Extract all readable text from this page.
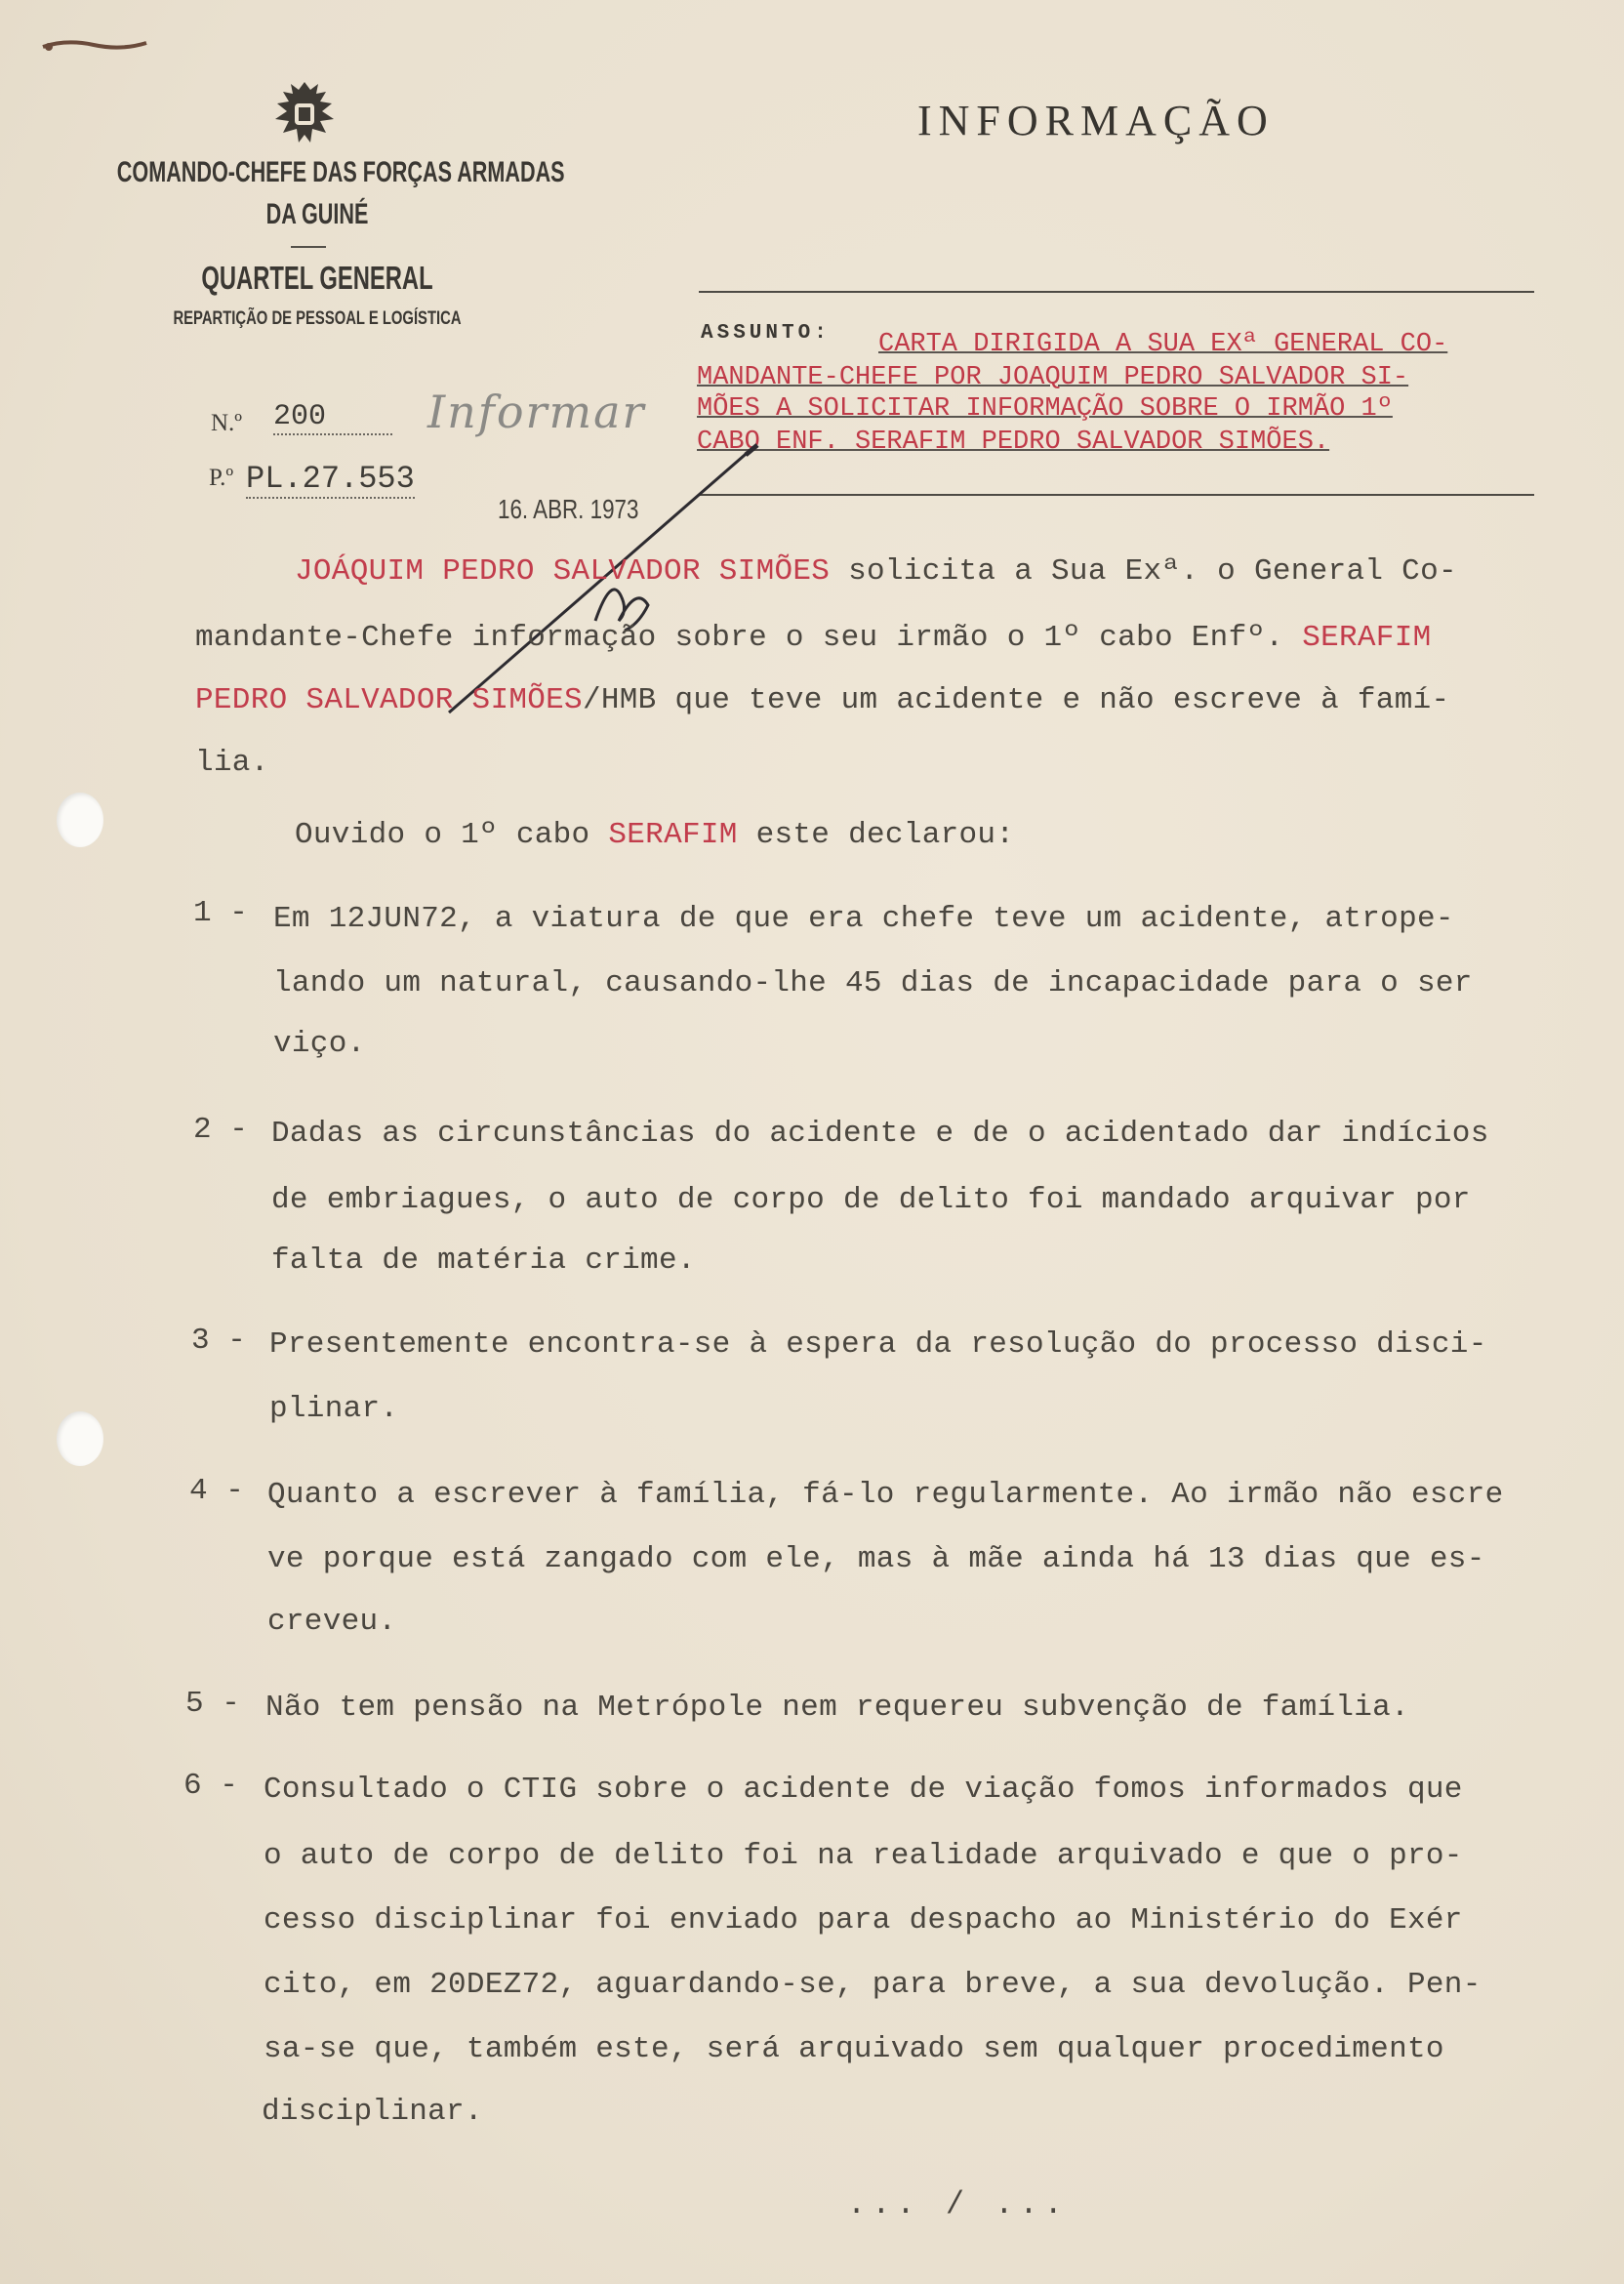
COMANDO-CHEFE DAS FORÇAS ARMADAS
DA GUINÉ
QUARTEL GENERAL
REPARTIÇÃO DE PESSOAL E LOGÍSTICA
INFORMAÇÃO
ASSUNTO: CARTA DIRIGIDA A SUA EXª GENERAL CO-
MANDANTE-CHEFE POR JOAQUIM PEDRO SALVADOR SI-
MÕES A SOLICITAR INFORMAÇÃO SOBRE O IRMÃO 1º
CABO ENF. SERAFIM PEDRO SALVADOR SIMÕES.
N.º 200
P.º PL.27.553
Informar
16. ABR. 1973
JOÁQUIM PEDRO SALVADOR SIMÕES solicita a Sua Exª. o General Co-
mandante-Chefe informação sobre o seu irmão o 1º cabo Enfº. SERAFIM
PEDRO SALVADOR SIMÕES/HMB que teve um acidente e não escreve à famí-
lia.
Ouvido o 1º cabo SERAFIM este declarou:
1 - Em 12JUN72, a viatura de que era chefe teve um acidente, atrope-
lando um natural, causando-lhe 45 dias de incapacidade para o ser
viço.
2 - Dadas as circunstâncias do acidente e de o acidentado dar indícios
de embriagues, o auto de corpo de delito foi mandado arquivar por
falta de matéria crime.
3 - Presentemente encontra-se à espera da resolução do processo disci-
plinar.
4 - Quanto a escrever à família, fá-lo regularmente. Ao irmão não escre
ve porque está zangado com ele, mas à mãe ainda há 13 dias que es-
creveu.
5 - Não tem pensão na Metrópole nem requereu subvenção de família.
6 - Consultado o CTIG sobre o acidente de viação fomos informados que
o auto de corpo de delito foi na realidade arquivado e que o pro-
cesso disciplinar foi enviado para despacho ao Ministério do Exér
cito, em 20DEZ72, aguardando-se, para breve, a sua devolução. Pen-
sa-se que, também este, será arquivado sem qualquer procedimento
disciplinar.
... / ...
